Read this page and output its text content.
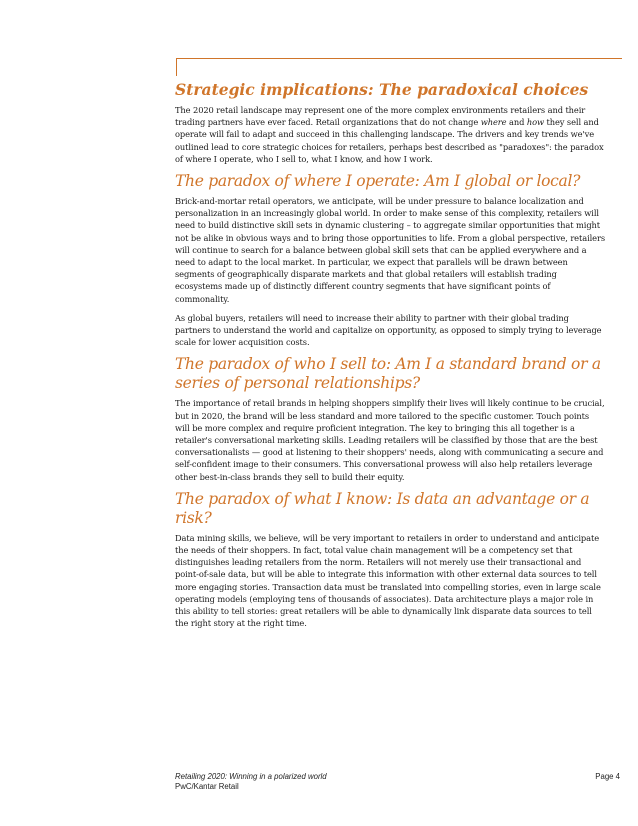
Strategic implications: The paradoxical choices

The 2020 retail landscape may represent one of the more complex environments retailers and their trading partners have ever faced. Retail organizations that do not change where and how they sell and operate will fail to adapt and succeed in this challenging landscape. The drivers and key trends we've outlined lead to core strategic choices for retailers, perhaps best described as "paradoxes": the paradox of where I operate, who I sell to, what I know, and how I work.

The paradox of where I operate: Am I global or local?

Brick-and-mortar retail operators, we anticipate, will be under pressure to balance localization and personalization in an increasingly global world. In order to make sense of this complexity, retailers will need to build distinctive skill sets in dynamic clustering – to aggregate similar opportunities that might not be alike in obvious ways and to bring those opportunities to life. From a global perspective, retailers will continue to search for a balance between global skill sets that can be applied everywhere and a need to adapt to the local market. In particular, we expect that parallels will be drawn between segments of geographically disparate markets and that global retailers will establish trading ecosystems made up of distinctly different country segments that have significant points of commonality.

As global buyers, retailers will need to increase their ability to partner with their global trading partners to understand the world and capitalize on opportunity, as opposed to simply trying to leverage scale for lower acquisition costs.

The paradox of who I sell to: Am I a standard brand or a series of personal relationships?

The importance of retail brands in helping shoppers simplify their lives will likely continue to be crucial, but in 2020, the brand will be less standard and more tailored to the specific customer. Touch points will be more complex and require proficient integration. The key to bringing this all together is a retailer's conversational marketing skills. Leading retailers will be classified by those that are the best conversationalists — good at listening to their shoppers' needs, along with communicating a secure and self-confident image to their consumers. This conversational prowess will also help retailers leverage other best-in-class brands they sell to build their equity.

The paradox of what I know: Is data an advantage or a risk?

Data mining skills, we believe, will be very important to retailers in order to understand and anticipate the needs of their shoppers. In fact, total value chain management will be a competency set that distinguishes leading retailers from the norm. Retailers will not merely use their transactional and point-of-sale data, but will be able to integrate this information with other external data sources to tell more engaging stories. Transaction data must be translated into compelling stories, even in large scale operating models (employing tens of thousands of associates). Data architecture plays a major role in this ability to tell stories: great retailers will be able to dynamically link disparate data sources to tell the right story at the right time.

Retailing 2020: Winning in a polarized world
PwC/Kantar Retail
Page 4
